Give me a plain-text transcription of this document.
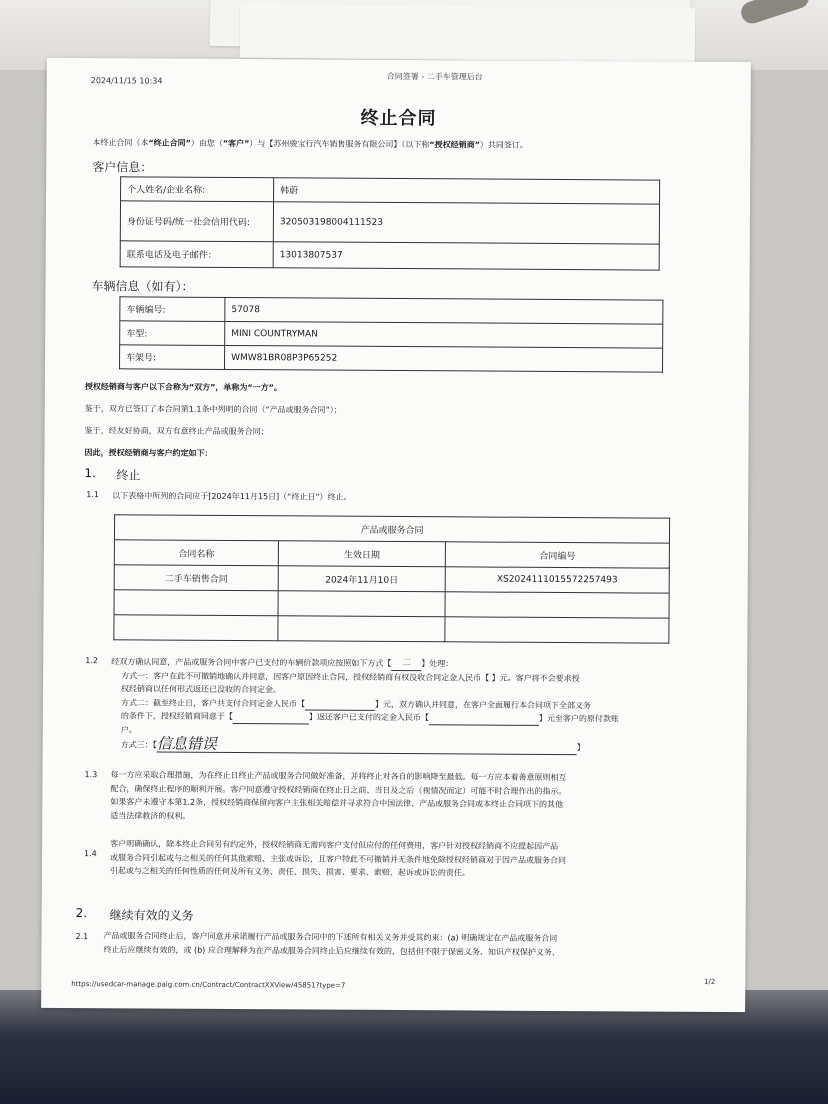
2024/11/15 10:34	合同签署 - 二手车管理后台
终止合同
本终止合同（本“终止合同”）由您（“客户”）与【苏州骏宝行汽车销售服务有限公司】（以下称“授权经销商”）共同签订。
客户信息：
个人姓名/企业名称:	韩蔚
身份证号码/统一社会信用代码:	320503198004111523
联系电话及电子邮件：	13013807537
车辆信息（如有）：
车辆编号:	57078
车型:	MINI COUNTRYMAN
车架号:	WMW81BR08P3P65252
授权经销商与客户以下合称为“双方”，单称为“一方”。
鉴于，双方已签订了本合同第1.1条中列明的合同（“产品或服务合同”）；
鉴于，经友好协商，双方有意终止产品或服务合同；
因此，授权经销商与客户约定如下：
1. 终止
1.1 以下表格中所列的合同应于[2024年11月15日]（“终止日”）终止。
产品或服务合同		
合同名称	生效日期	合同编号
二手车销售合同	2024年11月10日	XS2024111015572257493

1.2 经双方确认同意，产品或服务合同中客户已支付的车辆价款项应按照如下方式【 二 】处理：
方式一：客户在此不可撤销地确认并同意，因客户原因终止合同，授权经销商有权没收合同定金人民币【 】元。客户将不会要求授
权经销商以任何形式返还已没收的合同定金。
方式二：截至终止日，客户共支付合同定金人民币【	】元，双方确认并同意，在客户全面履行本合同项下全部义务
的条件下，授权经销商同意于【	】返还客户已支付的定金人民币【	】元至客户的原付款账
户。
方式三：【信息错误	】
1.3 每一方应采取合理措施，为在终止日终止产品或服务合同做好准备，并将终止对各自的影响降至最低。每一方应本着善意原则相互
配合，确保终止程序的顺利开展。客户同意遵守授权经销商在终止日之前、当日及之后（视情况而定）可能不时合理作出的指示。
如果客户未遵守本第1.2条，授权经销商保留向客户主张相关赔偿并寻求符合中国法律、产品或服务合同或本终止合同项下的其他
适当法律救济的权利。
1.4
客户明确确认，除本终止合同另有约定外，授权经销商无需向客户支付但应付的任何费用，客户针对授权经销商不应提起因产品
或服务合同引起或与之相关的任何其他索赔、主张或诉讼，且客户特此不可撤销并无条件地免除授权经销商对于因产品或服务合同
引起或与之相关的任何性质的任何及所有义务、责任、损失、损害、要求、索赔、起诉或诉讼的责任。
2. 继续有效的义务
2.1 产品或服务合同终止后，客户同意并承诺履行产品或服务合同中的下述所有相关义务并受其约束：(a) 明确规定在产品或服务合同
终止后应继续有效的，或 (b) 应合理解释为在产品或服务合同终止后应继续有效的，包括但不限于保密义务、知识产权保护义务、
https://usedcar-manage.paig.com.cn/Contract/ContractXXView/45851?type=7	1/2
